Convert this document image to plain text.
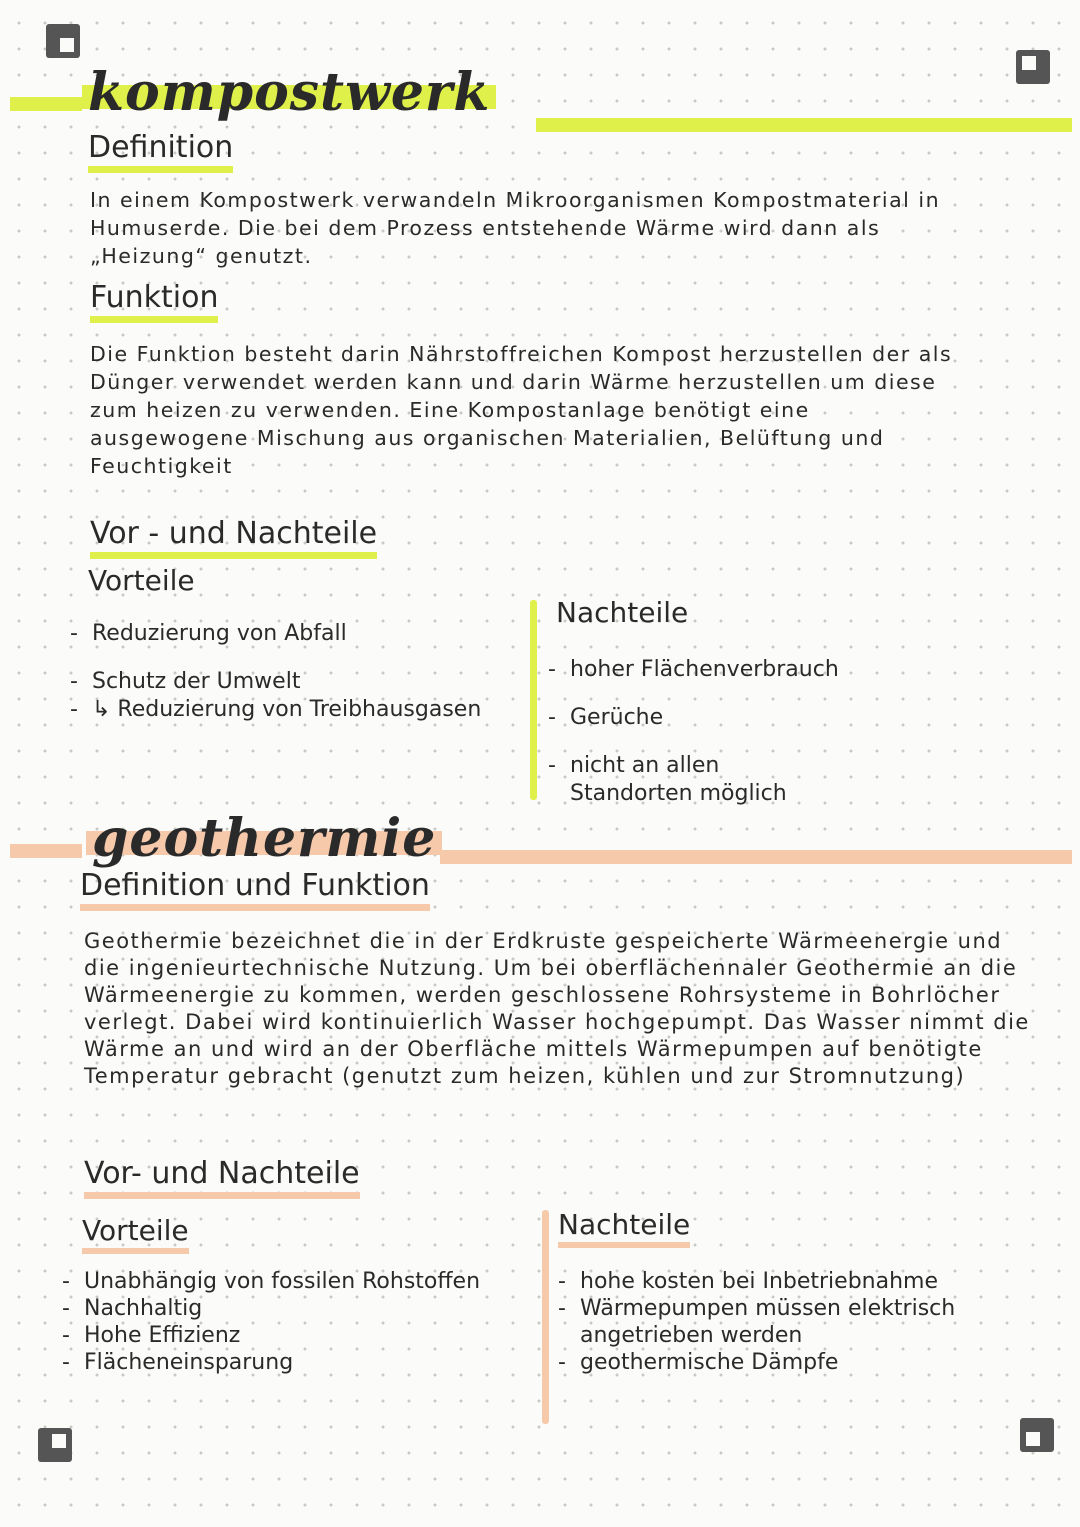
kompostwerk
Definition

In einem Kompostwerk verwandeln Mikroorganismen Kompostmaterial in Humuserde. Die bei dem Prozess entstehende Wärme wird dann als „Heizung“ genutzt.

Funktion

Die Funktion besteht darin Nährstoffreichen Kompost herzustellen der als Dünger verwendet werden kann und darin Wärme herzustellen um diese zum heizen zu verwenden. Eine Kompostanlage benötigt eine ausgewogene Mischung aus organischen Materialien, Belüftung und Feuchtigkeit

Vor - und Nachteile
Vorteile
- Reduzierung von Abfall
- Schutz der Umwelt
- ↳ Reduzierung von Treibhausgasen
Nachteile
- hoher Flächenverbrauch
- Gerüche
- nicht an allen Standorten möglich
geothermie
Definition und Funktion

Geothermie bezeichnet die in der Erdkruste gespeicherte Wärmeenergie und die ingenieurtechnische Nutzung. Um bei oberflächennaler Geothermie an die Wärmeenergie zu kommen, werden geschlossene Rohrsysteme in Bohrlöcher verlegt. Dabei wird kontinuierlich Wasser hochgepumpt. Das Wasser nimmt die Wärme an und wird an der Oberfläche mittels Wärmepumpen auf benötigte Temperatur gebracht (genutzt zum heizen, kühlen und zur Stromnutzung)

Vor- und Nachteile
Vorteile
- Unabhängig von fossilen Rohstoffen
- Nachhaltig
- Hohe Effizienz
- Flächeneinsparung
Nachteile
- hohe kosten bei Inbetriebnahme
- Wärmepumpen müssen elektrisch angetrieben werden
- geothermische Dämpfe
